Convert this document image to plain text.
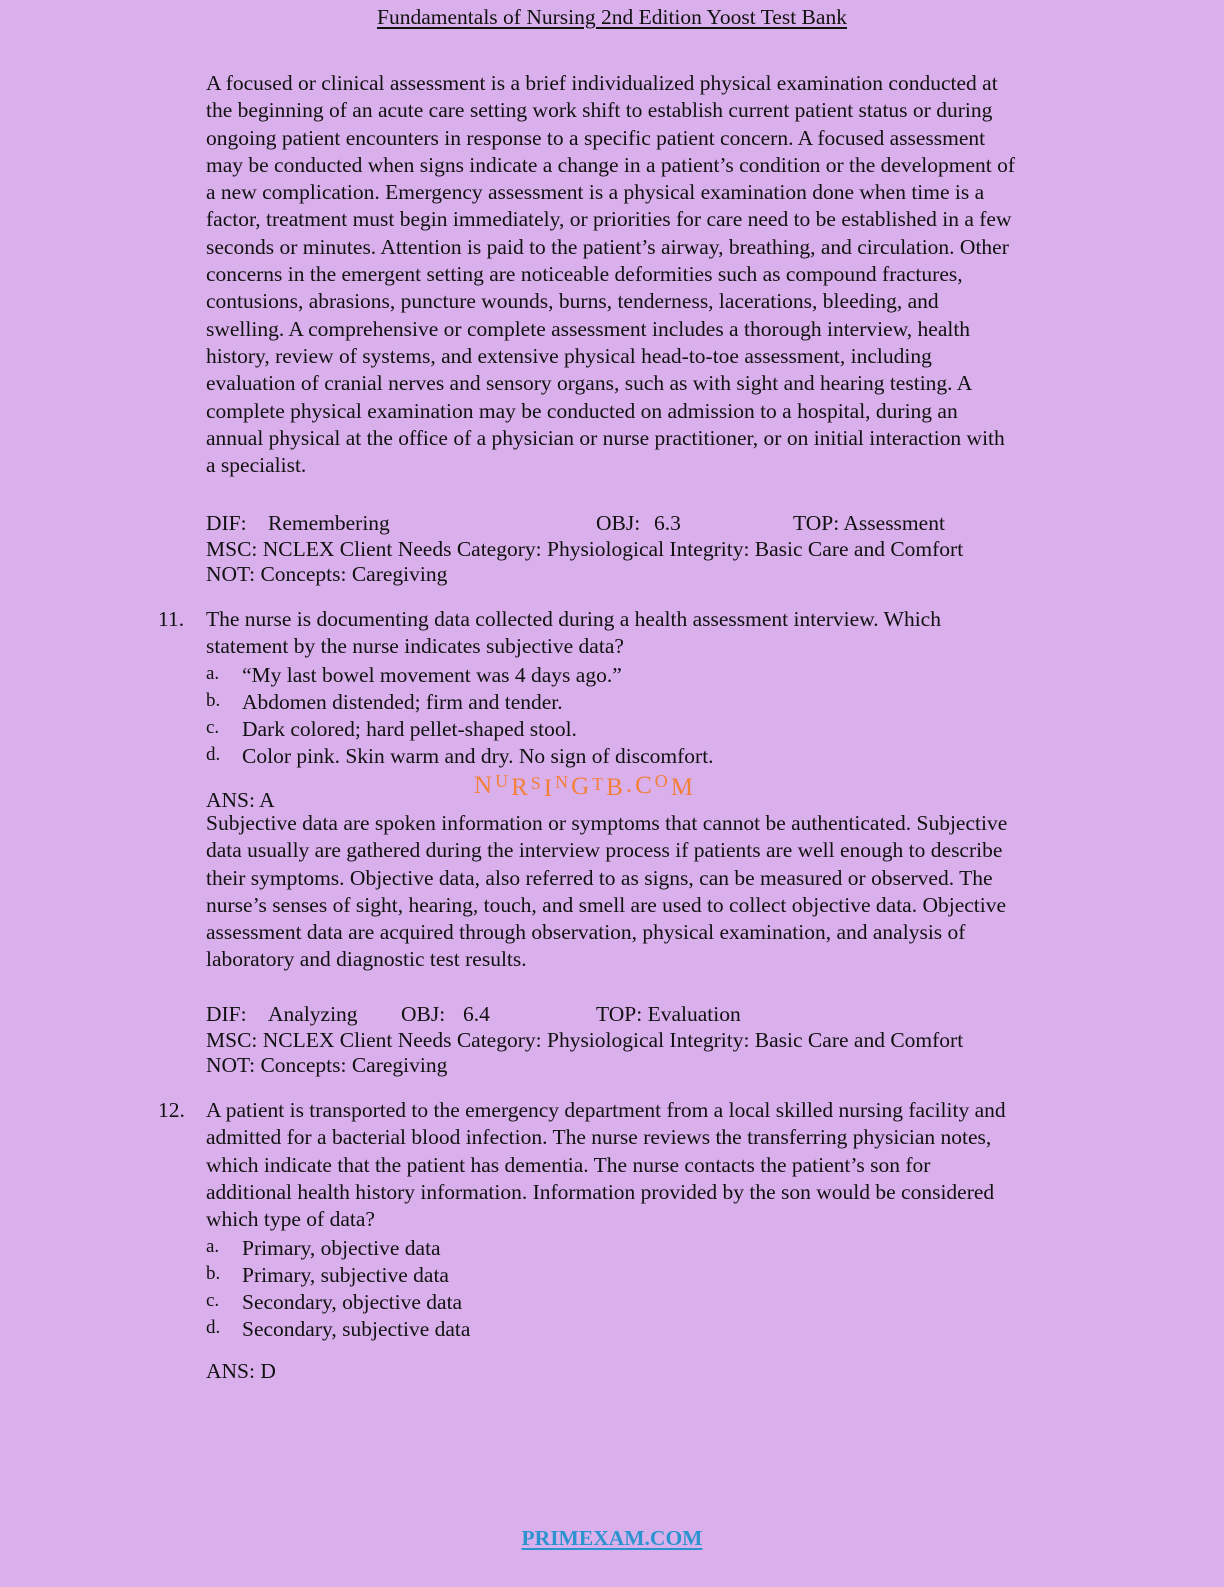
Fundamentals of Nursing 2nd Edition Yoost Test Bank
A focused or clinical assessment is a brief individualized physical examination conducted at
the beginning of an acute care setting work shift to establish current patient status or during
ongoing patient encounters in response to a specific patient concern. A focused assessment
may be conducted when signs indicate a change in a patient’s condition or the development of
a new complication. Emergency assessment is a physical examination done when time is a
factor, treatment must begin immediately, or priorities for care need to be established in a few
seconds or minutes. Attention is paid to the patient’s airway, breathing, and circulation. Other
concerns in the emergent setting are noticeable deformities such as compound fractures,
contusions, abrasions, puncture wounds, burns, tenderness, lacerations, bleeding, and
swelling. A comprehensive or complete assessment includes a thorough interview, health
history, review of systems, and extensive physical head-to-toe assessment, including
evaluation of cranial nerves and sensory organs, such as with sight and hearing testing. A
complete physical examination may be conducted on admission to a hospital, during an
annual physical at the office of a physician or nurse practitioner, or on initial interaction with
a specialist.
DIF: Remembering	OBJ: 6.3	TOP: Assessment
MSC: NCLEX Client Needs Category: Physiological Integrity: Basic Care and Comfort
NOT: Concepts: Caregiving
11.	The nurse is documenting data collected during a health assessment interview. Which
statement by the nurse indicates subjective data?
a. “My last bowel movement was 4 days ago.”
b. Abdomen distended; firm and tender.
c. Dark colored; hard pellet-shaped stool.
d. Color pink. Skin warm and dry. No sign of discomfort.
ANS: A
N UR SI NG TB.C OM
Subjective data are spoken information or symptoms that cannot be authenticated. Subjective
data usually are gathered during the interview process if patients are well enough to describe
their symptoms. Objective data, also referred to as signs, can be measured or observed. The
nurse’s senses of sight, hearing, touch, and smell are used to collect objective data. Objective
assessment data are acquired through observation, physical examination, and analysis of
laboratory and diagnostic test results.
DIF: Analyzing OBJ: 6.4	TOP: Evaluation
MSC: NCLEX Client Needs Category: Physiological Integrity: Basic Care and Comfort
NOT: Concepts: Caregiving
12. A patient is transported to the emergency department from a local skilled nursing facility and
admitted for a bacterial blood infection. The nurse reviews the transferring physician notes,
which indicate that the patient has dementia. The nurse contacts the patient’s son for
additional health history information. Information provided by the son would be considered
which type of data?
a. Primary, objective data
b. Primary, subjective data
c. Secondary, objective data
d. Secondary, subjective data
ANS: D
PRIMEXAM.COM
